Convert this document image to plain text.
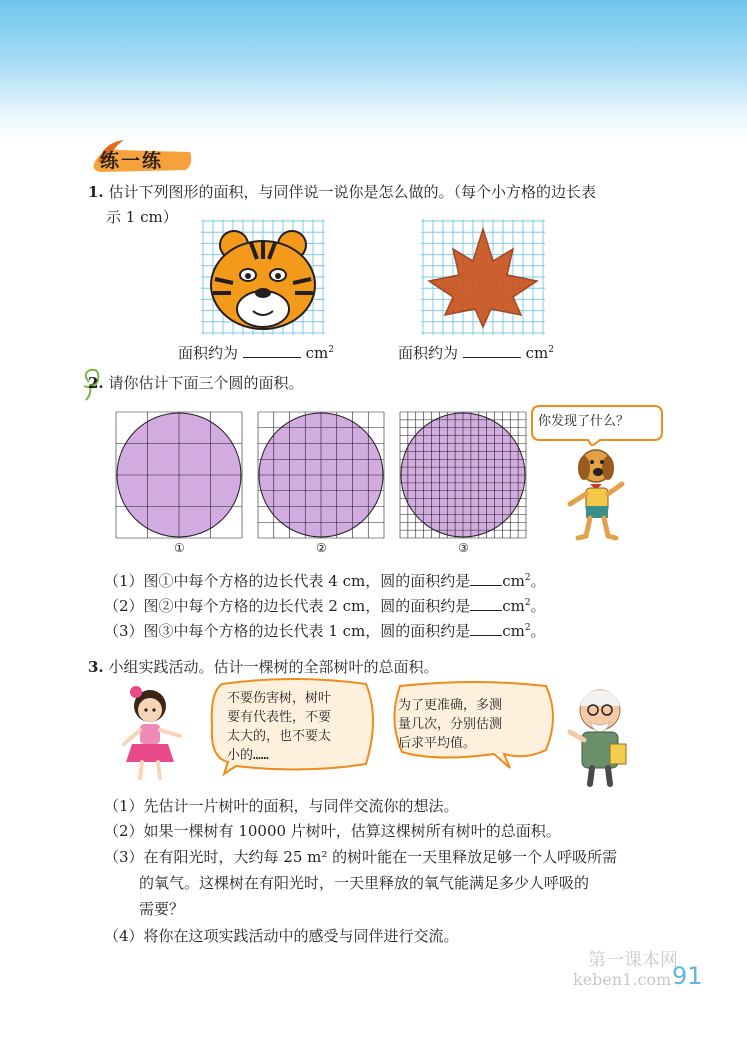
练一练
1. 估计下列图形的面积，与同伴说一说你是怎么做的。（每个小方格的边长表
示 1 cm）
面积约为	$cm^2$	面积约为	$cm^2$
2. 请你估计下面三个圆的面积。
①	②	③
你发现了什么？
（1）图①中每个方格的边长代表 4 cm，圆的面积约是 $cm^2$。
（2）图②中每个方格的边长代表 2 cm，圆的面积约是 $cm^2$。
（3）图③中每个方格的边长代表 1 cm，圆的面积约是 $cm^2$。
3. 小组实践活动。估计一棵树的全部树叶的总面积。
不要伤害树，树叶
要有代表性，不要
太大的，也不要太
小的……
为了更准确，多测
量几次，分别估测
后求平均值。
（1）先估计一片树叶的面积，与同伴交流你的想法。
（2）如果一棵树有 10000 片树叶，估算这棵树所有树叶的总面积。
（3）在有阳光时，大约每 25 m² 的树叶能在一天里释放足够一个人呼吸所需
的氧气。这棵树在有阳光时，一天里释放的氧气能满足多少人呼吸的
需要？
（4）将你在这项实践活动中的感受与同伴进行交流。
第一课本网
keben1.com 91
